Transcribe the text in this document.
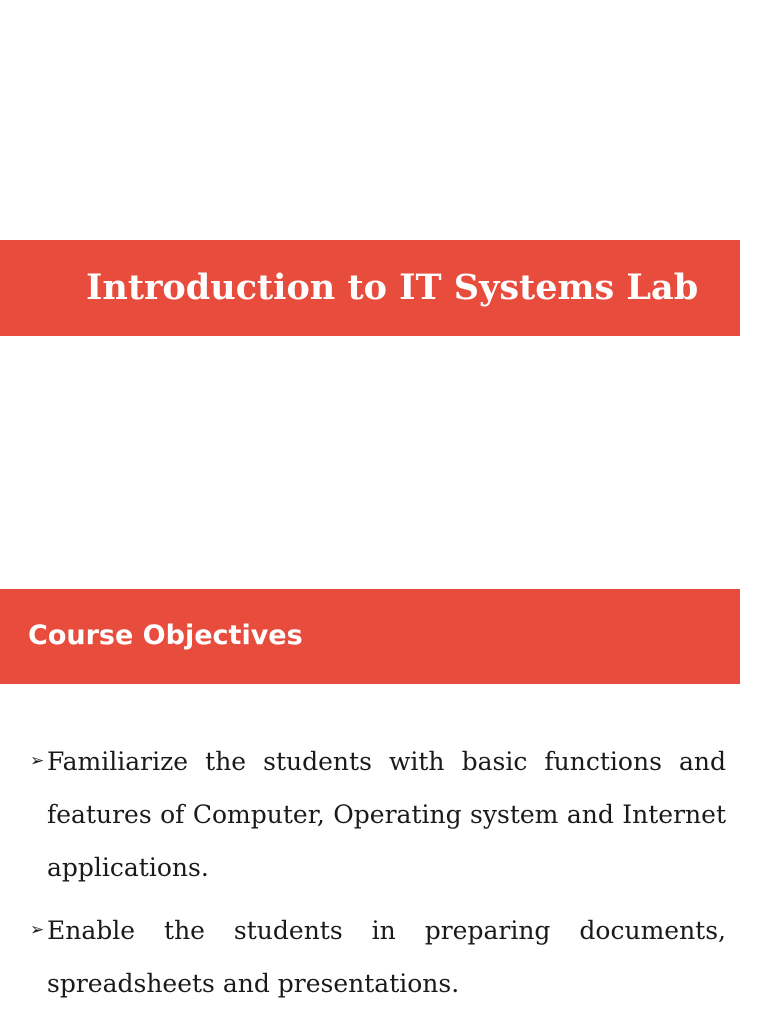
Introduction to IT Systems Lab
Course Objectives
➢ Familiarize the students with basic functions and features of Computer, Operating system and Internet applications.
➢ Enable the students in preparing documents, spreadsheets and presentations.
